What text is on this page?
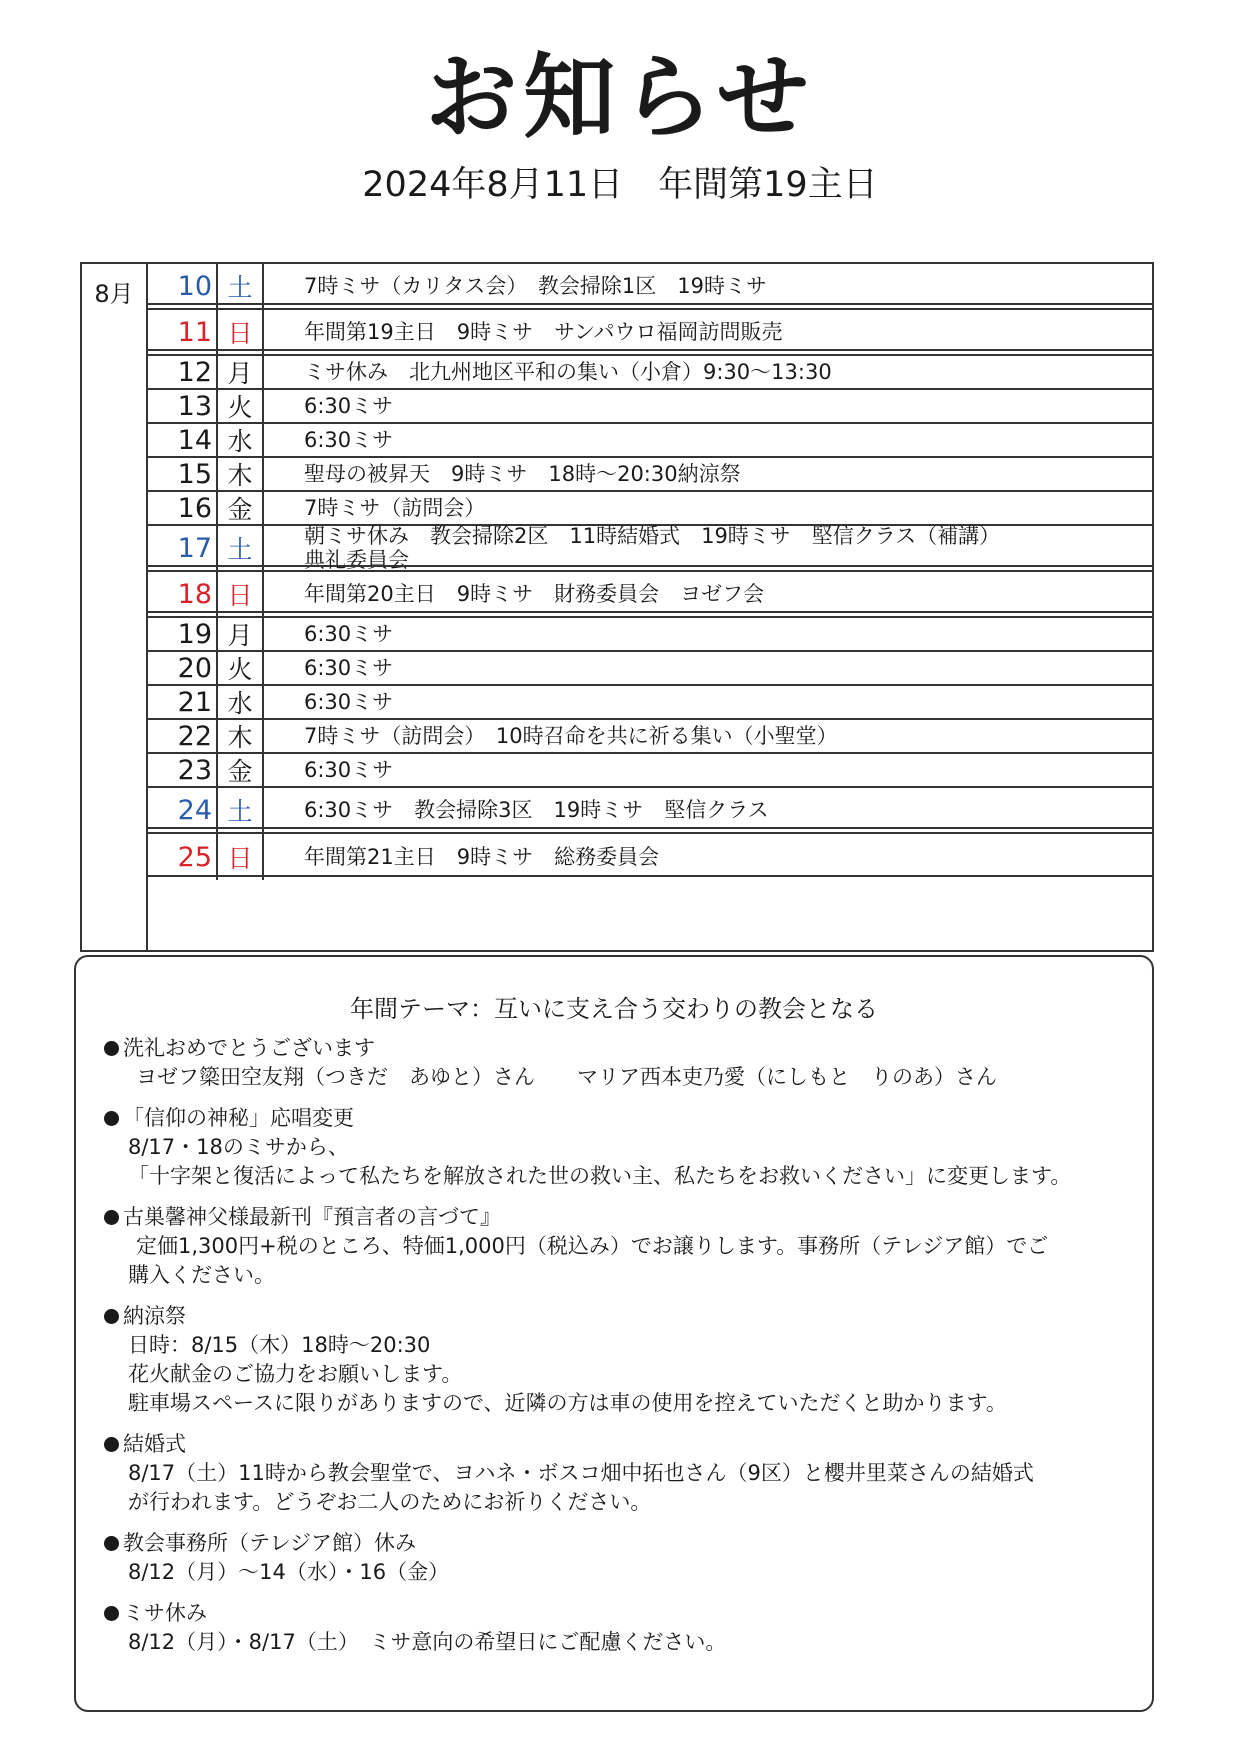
お知らせ
2024年8月11日　年間第19主日
8月	10 土	7時ミサ（カリタス会）　教会掃除1区　19時ミサ
11 日	年間第19主日　9時ミサ　サンパウロ福岡訪問販売
12 月	ミサ休み　北九州地区平和の集い（小倉）9:30～13:30
13 火	6:30ミサ
14 水	6:30ミサ
15 木	聖母の被昇天　9時ミサ　18時～20:30納涼祭
16 金	7時ミサ（訪問会）
17 土	朝ミサ休み　教会掃除2区　11時結婚式　19時ミサ　堅信クラス（補講）
典礼委員会
18 日	年間第20主日　9時ミサ　財務委員会　ヨゼフ会
19 月	6:30ミサ
20 火	6:30ミサ
21 水	6:30ミサ
22 木	7時ミサ（訪問会）　10時召命を共に祈る集い（小聖堂）
23 金	6:30ミサ
24 土	6:30ミサ　教会掃除3区　19時ミサ　堅信クラス
25 日	年間第21主日　9時ミサ　総務委員会
年間テーマ：互いに支え合う交わりの教会となる
洗礼おめでとうございます
ヨゼフ簗田空友翔（つきだ　あゆと）さん　　マリア西本吏乃愛（にしもと　りのあ）さん
「信仰の神秘」応唱変更
8/17・18のミサから、
「十字架と復活によって私たちを解放された世の救い主、私たちをお救いください」に変更します。
古巣馨神父様最新刊『預言者の言づて』
定価1,300円+税のところ、特価1,000円（税込み）でお譲りします。事務所（テレジア館）でご
購入ください。
納涼祭
日時：8/15（木）18時～20:30
花火献金のご協力をお願いします。
駐車場スペースに限りがありますので、近隣の方は車の使用を控えていただくと助かります。
結婚式
8/17（土）11時から教会聖堂で、ヨハネ・ボスコ畑中拓也さん（9区）と櫻井里菜さんの結婚式
が行われます。どうぞお二人のためにお祈りください。
教会事務所（テレジア館）休み
8/12（月）～14（水）・16（金）
ミサ休み
8/12（月）・8/17（土）　ミサ意向の希望日にご配慮ください。
